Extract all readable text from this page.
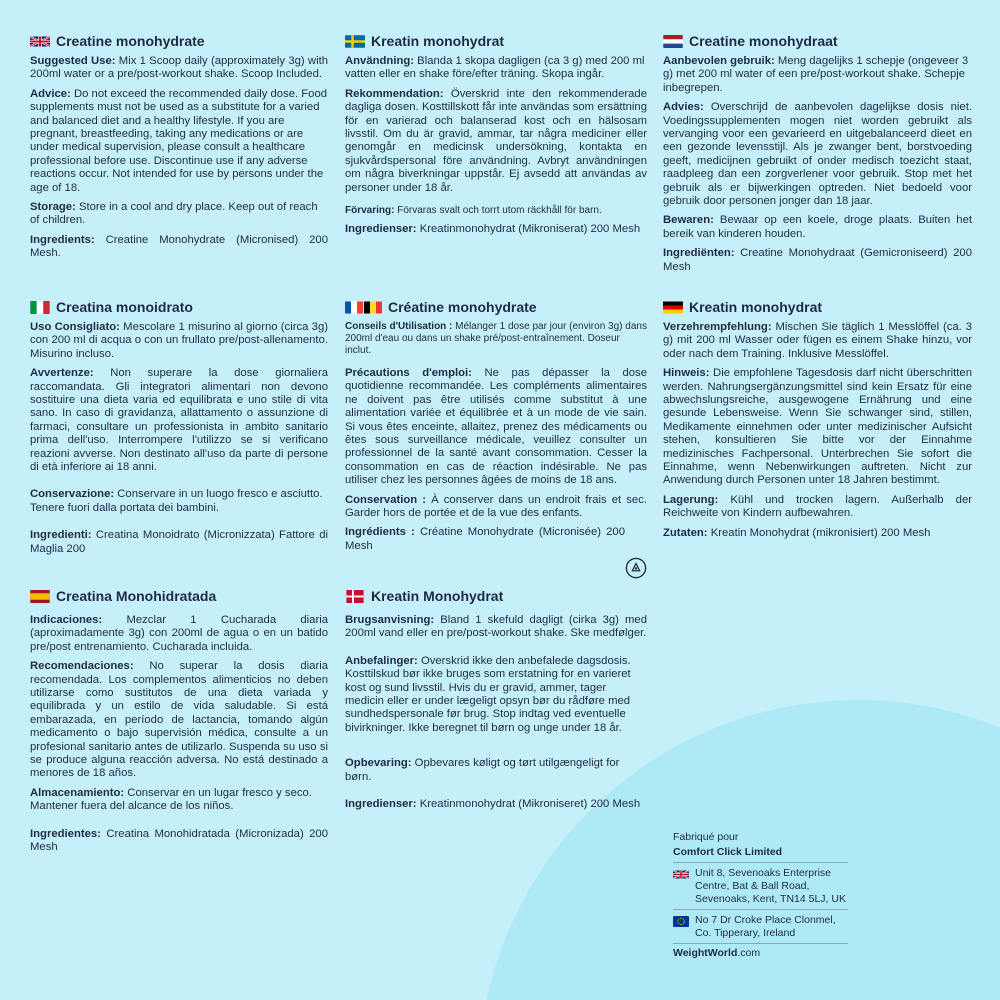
Creatine monohydrate

Suggested Use: Mix 1 Scoop daily (approximately 3g) with 200ml water or a pre/post-workout shake. Scoop Included.

Advice: Do not exceed the recommended daily dose. Food supplements must not be used as a substitute for a varied and balanced diet and a healthy lifestyle. If you are pregnant, breastfeeding, taking any medications or are under medical supervision, please consult a healthcare professional before use. Discontinue use if any adverse reactions occur. Not intended for use by persons under the age of 18.

Storage: Store in a cool and dry place. Keep out of reach of children.

Ingredients: Creatine Monohydrate (Micronised) 200 Mesh.

Kreatin monohydrat

Användning: Blanda 1 skopa dagligen (ca 3 g) med 200 ml vatten eller en shake före/efter träning. Skopa ingår.

Rekommendation: Överskrid inte den rekommenderade dagliga dosen. Kosttillskott får inte användas som ersättning för en varierad och balanserad kost och en hälsosam livsstil. Om du är gravid, ammar, tar några mediciner eller genomgår en medicinsk undersökning, kontakta en sjukvårdspersonal före användning. Avbryt användningen om några biverkningar uppstår. Ej avsedd att användas av personer under 18 år.

Förvaring: Förvaras svalt och torrt utom räckhåll för barn.

Ingredienser: Kreatinmonohydrat (Mikroniserat) 200 Mesh

Creatine monohydraat

Aanbevolen gebruik: Meng dagelijks 1 schepje (ongeveer 3 g) met 200 ml water of een pre/post-workout shake. Schepje inbegrepen.

Advies: Overschrijd de aanbevolen dagelijkse dosis niet. Voedingssupplementen mogen niet worden gebruikt als vervanging voor een gevarieerd en uitgebalanceerd dieet en een gezonde levensstijl. Als je zwanger bent, borstvoeding geeft, medicijnen gebruikt of onder medisch toezicht staat, raadpleeg dan een zorgverlener voor gebruik. Stop met het gebruik als er bijwerkingen optreden. Niet bedoeld voor gebruik door personen jonger dan 18 jaar.

Bewaren: Bewaar op een koele, droge plaats. Buiten het bereik van kinderen houden.

Ingrediënten: Creatine Monohydraat (Gemicroniseerd) 200 Mesh

Creatina monoidrato

Uso Consigliato: Mescolare 1 misurino al giorno (circa 3g) con 200 ml di acqua o con un frullato pre/post-allenamento. Misurino incluso.

Avvertenze: Non superare la dose giornaliera raccomandata. Gli integratori alimentari non devono sostituire una dieta varia ed equilibrata e uno stile di vita sano. In caso di gravidanza, allattamento o assunzione di farmaci, consultare un professionista in ambito sanitario prima dell'uso. Interrompere l'utilizzo se si verificano reazioni avverse. Non destinato all'uso da parte di persone di età inferiore ai 18 anni.

Conservazione: Conservare in un luogo fresco e asciutto. Tenere fuori dalla portata dei bambini.

Ingredienti: Creatina Monoidrato (Micronizzata) Fattore di Maglia 200

Créatine monohydrate

Conseils d'Utilisation : Mélanger 1 dose par jour (environ 3g) dans 200ml d'eau ou dans un shake pré/post-entraînement. Doseur inclut.

Précautions d'emploi: Ne pas dépasser la dose quotidienne recommandée. Les compléments alimentaires ne doivent pas être utilisés comme substitut à une alimentation variée et équilibrée et à un mode de vie sain. Si vous êtes enceinte, allaitez, prenez des médicaments ou êtes sous surveillance médicale, veuillez consulter un professionnel de la santé avant consommation. Cesser la consommation en cas de réaction indésirable. Ne pas utiliser chez les personnes âgées de moins de 18 ans.

Conservation : À conserver dans un endroit frais et sec. Garder hors de portée et de la vue des enfants.

Ingrédients : Créatine Monohydrate (Micronisée) 200 Mesh

Kreatin monohydrat

Verzehrempfehlung: Mischen Sie täglich 1 Messlöffel (ca. 3 g) mit 200 ml Wasser oder fügen es einem Shake hinzu, vor oder nach dem Training. Inklusive Messlöffel.

Hinweis: Die empfohlene Tagesdosis darf nicht überschritten werden. Nahrungsergänzungsmittel sind kein Ersatz für eine abwechslungsreiche, ausgewogene Ernährung und eine gesunde Lebensweise. Wenn Sie schwanger sind, stillen, Medikamente einnehmen oder unter medizinischer Aufsicht stehen, konsultieren Sie bitte vor der Einnahme medizinisches Fachpersonal. Unterbrechen Sie sofort die Einnahme, wenn Nebenwirkungen auftreten. Nicht zur Anwendung durch Personen unter 18 Jahren bestimmt.

Lagerung: Kühl und trocken lagern. Außerhalb der Reichweite von Kindern aufbewahren.

Zutaten: Kreatin Monohydrat (mikronisiert) 200 Mesh

Creatina Monohidratada

Indicaciones: Mezclar 1 Cucharada diaria (aproximadamente 3g) con 200ml de agua o en un batido pre/post entrenamiento. Cucharada incluida.

Recomendaciones: No superar la dosis diaria recomendada. Los complementos alimenticios no deben utilizarse como sustitutos de una dieta variada y equilibrada y un estilo de vida saludable. Si está embarazada, en período de lactancia, tomando algún medicamento o bajo supervisión médica, consulte a un profesional sanitario antes de utilizarlo. Suspenda su uso si se produce alguna reacción adversa. No está destinado a menores de 18 años.

Almacenamiento: Conservar en un lugar fresco y seco. Mantener fuera del alcance de los niños.

Ingredientes: Creatina Monohidratada (Micronizada) 200 Mesh

Kreatin Monohydrat

Brugsanvisning: Bland 1 skefuld dagligt (cirka 3g) med 200ml vand eller en pre/post-workout shake. Ske medfølger.

Anbefalinger: Overskrid ikke den anbefalede dagsdosis. Kosttilskud bør ikke bruges som erstatning for en varieret kost og sund livsstil. Hvis du er gravid, ammer, tager medicin eller er under lægeligt opsyn bør du rådføre med sundhedspersonale før brug. Stop indtag ved eventuelle bivirkninger. Ikke beregnet til børn og unge under 18 år.

Opbevaring: Opbevares køligt og tørt utilgængeligt for børn.

Ingredienser: Kreatinmonohydrat (Mikroniseret) 200 Mesh

Fabriqué pour
Comfort Click Limited
Unit 8, Sevenoaks Enterprise Centre, Bat & Ball Road, Sevenoaks, Kent, TN14 5LJ, UK
No 7 Dr Croke Place Clonmel, Co. Tipperary, Ireland
WeightWorld.com
